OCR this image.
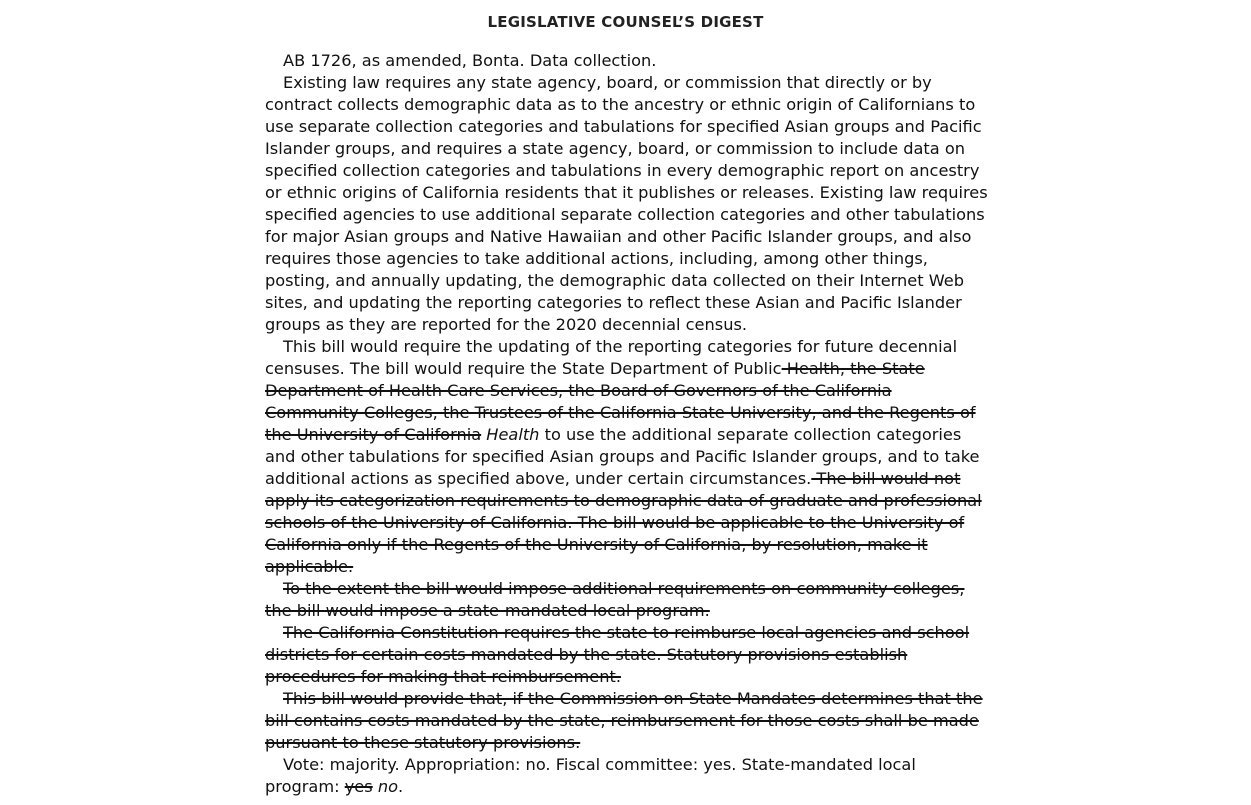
LEGISLATIVE COUNSEL’S DIGEST

AB 1726, as amended, Bonta. Data collection.

Existing law requires any state agency, board, or commission that directly or by
contract collects demographic data as to the ancestry or ethnic origin of Californians to
use separate collection categories and tabulations for specified Asian groups and Pacific
Islander groups, and requires a state agency, board, or commission to include data on
specified collection categories and tabulations in every demographic report on ancestry
or ethnic origins of California residents that it publishes or releases. Existing law requires
specified agencies to use additional separate collection categories and other tabulations
for major Asian groups and Native Hawaiian and other Pacific Islander groups, and also
requires those agencies to take additional actions, including, among other things,
posting, and annually updating, the demographic data collected on their Internet Web
sites, and updating the reporting categories to reflect these Asian and Pacific Islander
groups as they are reported for the 2020 decennial census.

This bill would require the updating of the reporting categories for future decennial
censuses. The bill would require the State Department of Public Health, the State
Department of Health Care Services, the Board of Governors of the California
Community Colleges, the Trustees of the California State University, and the Regents of
the University of California Health to use the additional separate collection categories
and other tabulations for specified Asian groups and Pacific Islander groups, and to take
additional actions as specified above, under certain circumstances. The bill would not
apply its categorization requirements to demographic data of graduate and professional
schools of the University of California. The bill would be applicable to the University of
California only if the Regents of the University of California, by resolution, make it
applicable.

To the extent the bill would impose additional requirements on community colleges,
the bill would impose a state-mandated local program.

The California Constitution requires the state to reimburse local agencies and school
districts for certain costs mandated by the state. Statutory provisions establish
procedures for making that reimbursement.

This bill would provide that, if the Commission on State Mandates determines that the
bill contains costs mandated by the state, reimbursement for those costs shall be made
pursuant to these statutory provisions.

Vote: majority. Appropriation: no. Fiscal committee: yes. State-mandated local
program: yes no.
